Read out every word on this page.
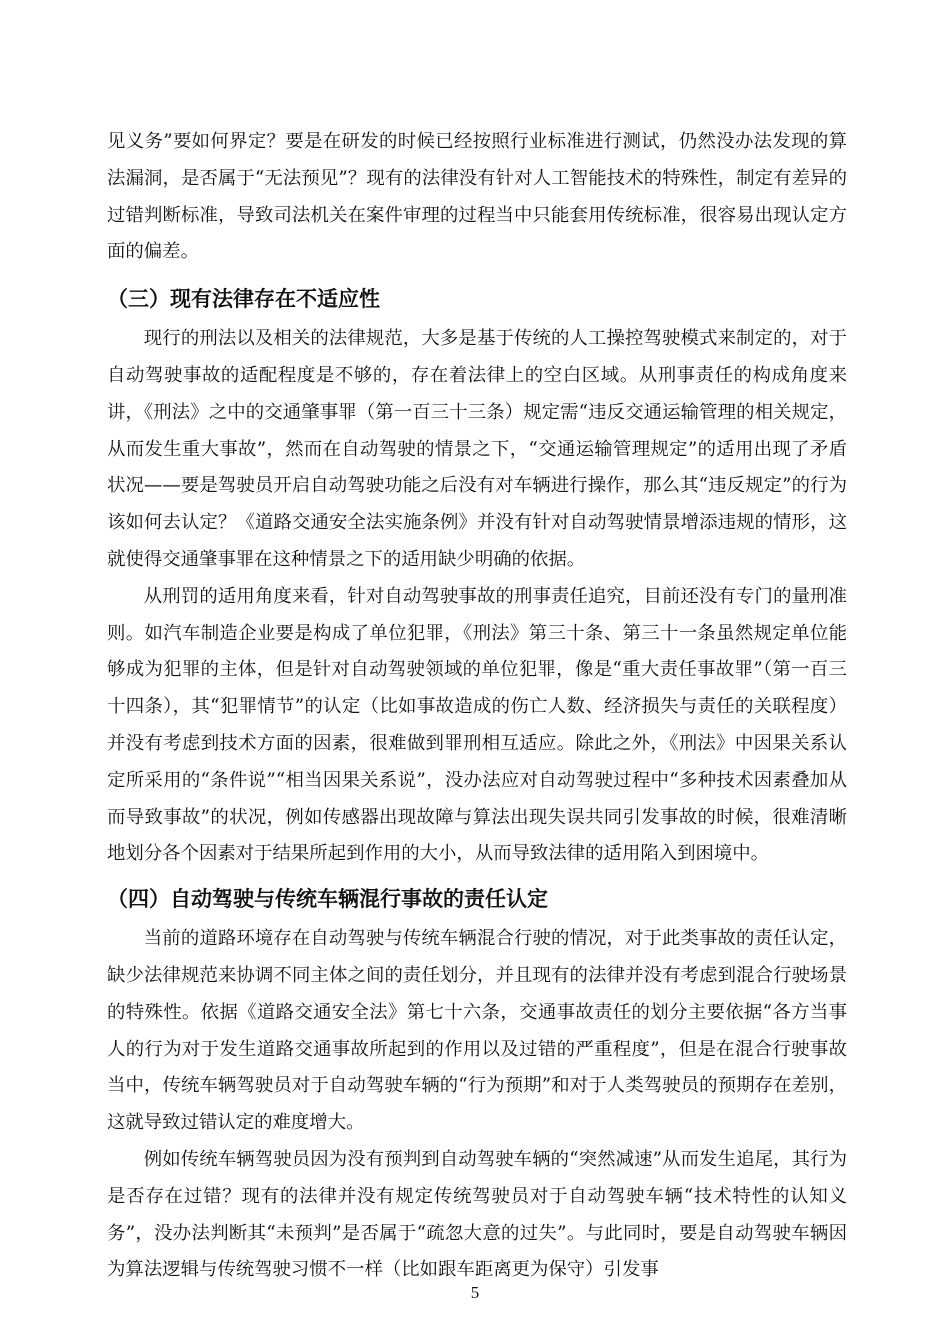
见义务”要如何界定？要是在研发的时候已经按照行业标准进行测试，仍然没办法发现的算法漏洞，是否属于“无法预见”？现有的法律没有针对人工智能技术的特殊性，制定有差异的过错判断标准，导致司法机关在案件审理的过程当中只能套用传统标准，很容易出现认定方面的偏差。

（三）现有法律存在不适应性

现行的刑法以及相关的法律规范，大多是基于传统的人工操控驾驶模式来制定的，对于自动驾驶事故的适配程度是不够的，存在着法律上的空白区域。从刑事责任的构成角度来讲，《刑法》之中的交通肇事罪（第一百三十三条）规定需“违反交通运输管理的相关规定，从而发生重大事故”，然而在自动驾驶的情景之下，“交通运输管理规定”的适用出现了矛盾状况——要是驾驶员开启自动驾驶功能之后没有对车辆进行操作，那么其“违反规定”的行为该如何去认定？《道路交通安全法实施条例》并没有针对自动驾驶情景增添违规的情形，这就使得交通肇事罪在这种情景之下的适用缺少明确的依据。

从刑罚的适用角度来看，针对自动驾驶事故的刑事责任追究，目前还没有专门的量刑准则。如汽车制造企业要是构成了单位犯罪，《刑法》第三十条、第三十一条虽然规定单位能够成为犯罪的主体，但是针对自动驾驶领域的单位犯罪，像是“重大责任事故罪”（第一百三十四条），其“犯罪情节”的认定（比如事故造成的伤亡人数、经济损失与责任的关联程度）并没有考虑到技术方面的因素，很难做到罪刑相互适应。除此之外，《刑法》中因果关系认定所采用的“条件说”“相当因果关系说”，没办法应对自动驾驶过程中“多种技术因素叠加从而导致事故”的状况，例如传感器出现故障与算法出现失误共同引发事故的时候，很难清晰地划分各个因素对于结果所起到作用的大小，从而导致法律的适用陷入到困境中。

（四）自动驾驶与传统车辆混行事故的责任认定

当前的道路环境存在自动驾驶与传统车辆混合行驶的情况，对于此类事故的责任认定，缺少法律规范来协调不同主体之间的责任划分，并且现有的法律并没有考虑到混合行驶场景的特殊性。依据《道路交通安全法》第七十六条，交通事故责任的划分主要依据“各方当事人的行为对于发生道路交通事故所起到的作用以及过错的严重程度”，但是在混合行驶事故当中，传统车辆驾驶员对于自动驾驶车辆的“行为预期”和对于人类驾驶员的预期存在差别，这就导致过错认定的难度增大。

例如传统车辆驾驶员因为没有预判到自动驾驶车辆的“突然减速”从而发生追尾，其行为是否存在过错？现有的法律并没有规定传统驾驶员对于自动驾驶车辆“技术特性的认知义务”，没办法判断其“未预判”是否属于“疏忽大意的过失”。与此同时，要是自动驾驶车辆因为算法逻辑与传统驾驶习惯不一样（比如跟车距离更为保守）引发事

5
